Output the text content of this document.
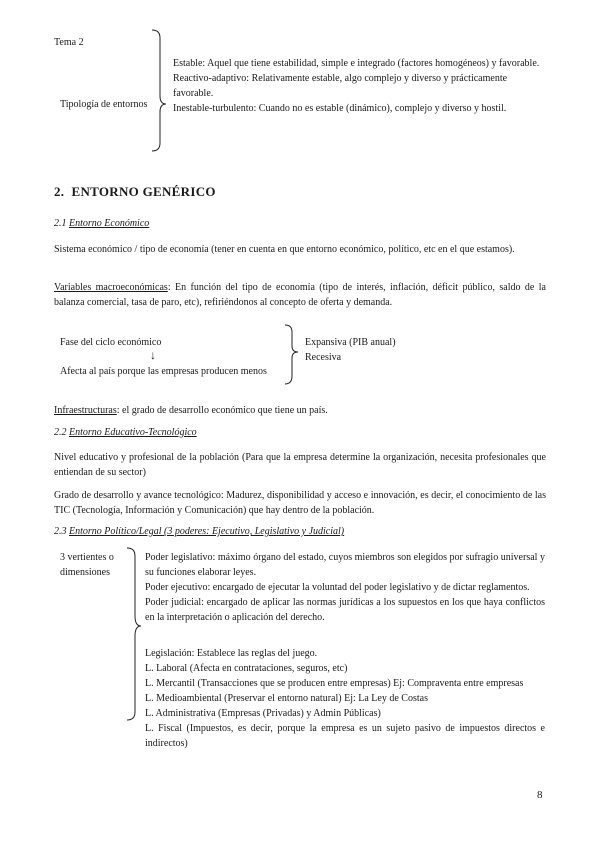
Tema 2
Tipología de entornos
Estable: Aquel que tiene estabilidad, simple e integrado (factores homogéneos) y favorable.
Reactivo-adaptivo: Relativamente estable, algo complejo y diverso y prácticamente favorable.
Inestable-turbulento: Cuando no es estable (dinámico), complejo y diverso y hostil.
2. ENTORNO GENÉRICO
2.1 Entorno Económico
Sistema económico / tipo de economía (tener en cuenta en que entorno económico, político, etc en el que estamos).
Variables macroeconómicas: En función del tipo de economía (tipo de interés, inflación, déficit público, saldo de la balanza comercial, tasa de paro, etc), refiriéndonos al concepto de oferta y demanda.
Fase del ciclo económico
↓
Afecta al país porque las empresas producen menos
Expansiva (PIB anual)
Recesiva
Infraestructuras: el grado de desarrollo económico que tiene un país.
2.2 Entorno Educativo-Tecnológico
Nivel educativo y profesional de la población (Para que la empresa determine la organización, necesita profesionales que entiendan de su sector)
Grado de desarrollo y avance tecnológico: Madurez, disponibilidad y acceso e innovación, es decir, el conocimiento de las TIC (Tecnología, Información y Comunicación) que hay dentro de la población.
2.3 Entorno Político/Legal (3 poderes: Ejecutivo, Legislativo y Judicial)
3 vertientes o dimensiones
Poder legislativo: máximo órgano del estado, cuyos miembros son elegidos por sufragio universal y su funciones elaborar leyes.
Poder ejecutivo: encargado de ejecutar la voluntad del poder legislativo y de dictar reglamentos.
Poder judicial: encargado de aplicar las normas jurídicas a los supuestos en los que haya conflictos en la interpretación o aplicación del derecho.
Legislación: Establece las reglas del juego.
L. Laboral (Afecta en contrataciones, seguros, etc)
L. Mercantil (Transacciones que se producen entre empresas) Ej: Compraventa entre empresas
L. Medioambiental (Preservar el entorno natural) Ej: La Ley de Costas
L. Administrativa (Empresas (Privadas) y Admin Públicas)
L. Fiscal (Impuestos, es decir, porque la empresa es un sujeto pasivo de impuestos directos e indirectos)
8
